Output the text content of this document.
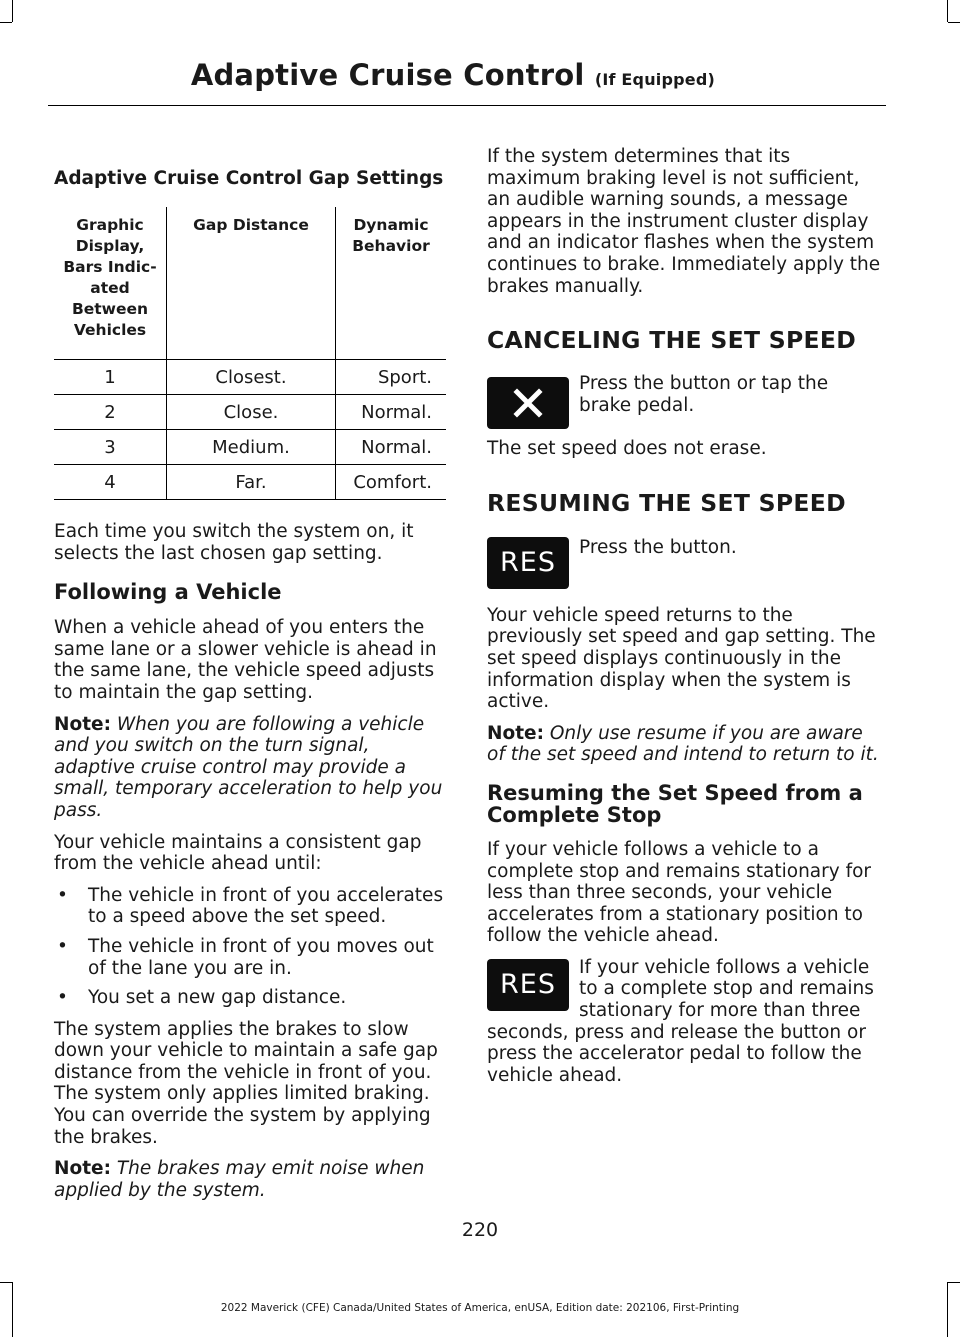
Adaptive Cruise Control (If Equipped)
Adaptive Cruise Control Gap Settings
Graphic Display, Bars Indic-ated Between Vehicles	Gap Distance	Dynamic Behavior
1	Closest.	Sport.
2	Close.	Normal.
3	Medium.	Normal.
4	Far.	Comfort.

Each time you switch the system on, it selects the last chosen gap setting.

Following a Vehicle

When a vehicle ahead of you enters the same lane or a slower vehicle is ahead in the same lane, the vehicle speed adjusts to maintain the gap setting.

Note: When you are following a vehicle and you switch on the turn signal, adaptive cruise control may provide a small, temporary acceleration to help you pass.

Your vehicle maintains a consistent gap from the vehicle ahead until:

• The vehicle in front of you accelerates to a speed above the set speed.
• The vehicle in front of you moves out of the lane you are in.
• You set a new gap distance.

The system applies the brakes to slow down your vehicle to maintain a safe gap distance from the vehicle in front of you. The system only applies limited braking. You can override the system by applying the brakes.

Note: The brakes may emit noise when applied by the system.

If the system determines that its maximum braking level is not sufficient, an audible warning sounds, a message appears in the instrument cluster display and an indicator flashes when the system continues to brake. Immediately apply the brakes manually.

CANCELING THE SET SPEED

Press the button or tap the brake pedal.

The set speed does not erase.

RESUMING THE SET SPEED
RES Press the button.

Your vehicle speed returns to the previously set speed and gap setting. The set speed displays continuously in the information display when the system is active.

Note: Only use resume if you are aware of the set speed and intend to return to it.

Resuming the Set Speed from a Complete Stop

If your vehicle follows a vehicle to a complete stop and remains stationary for less than three seconds, your vehicle accelerates from a stationary position to follow the vehicle ahead.

RES

If your vehicle follows a vehicle to a complete stop and remains stationary for more than three seconds, press and release the button or press the accelerator pedal to follow the vehicle ahead.

220
2022 Maverick (CFE) Canada/United States of America, enUSA, Edition date: 202106, First-Printing
